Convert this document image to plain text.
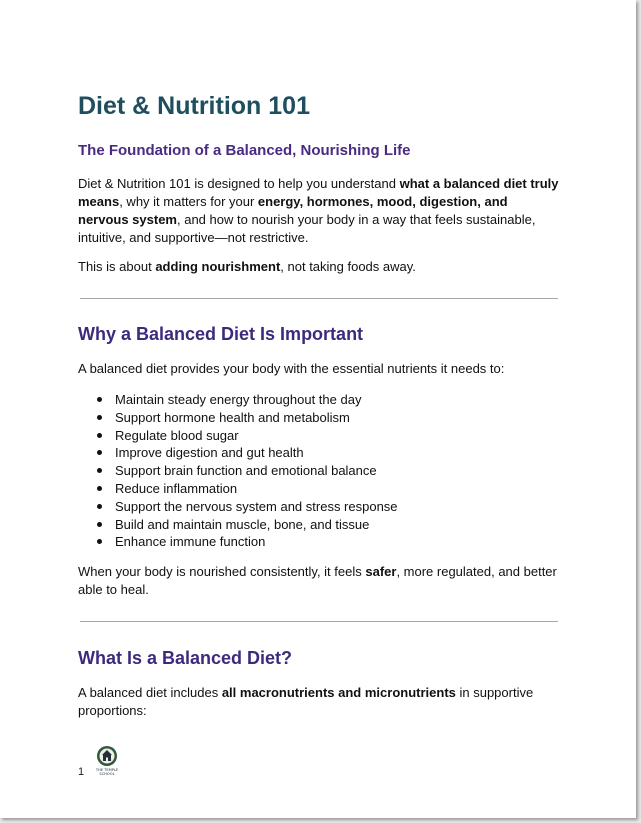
Diet & Nutrition 101
The Foundation of a Balanced, Nourishing Life

Diet & Nutrition 101 is designed to help you understand what a balanced diet truly means, why it matters for your energy, hormones, mood, digestion, and nervous system, and how to nourish your body in a way that feels sustainable, intuitive, and supportive—not restrictive.

This is about adding nourishment, not taking foods away.

Why a Balanced Diet Is Important

A balanced diet provides your body with the essential nutrients it needs to:

Maintain steady energy throughout the day
Support hormone health and metabolism
Regulate blood sugar
Improve digestion and gut health
Support brain function and emotional balance
Reduce inflammation
Support the nervous system and stress response
Build and maintain muscle, bone, and tissue
Enhance immune function

When your body is nourished consistently, it feels safer, more regulated, and better able to heal.

What Is a Balanced Diet?

A balanced diet includes all macronutrients and micronutrients in supportive proportions:

THE TEMPLE
SCHOOL
1
